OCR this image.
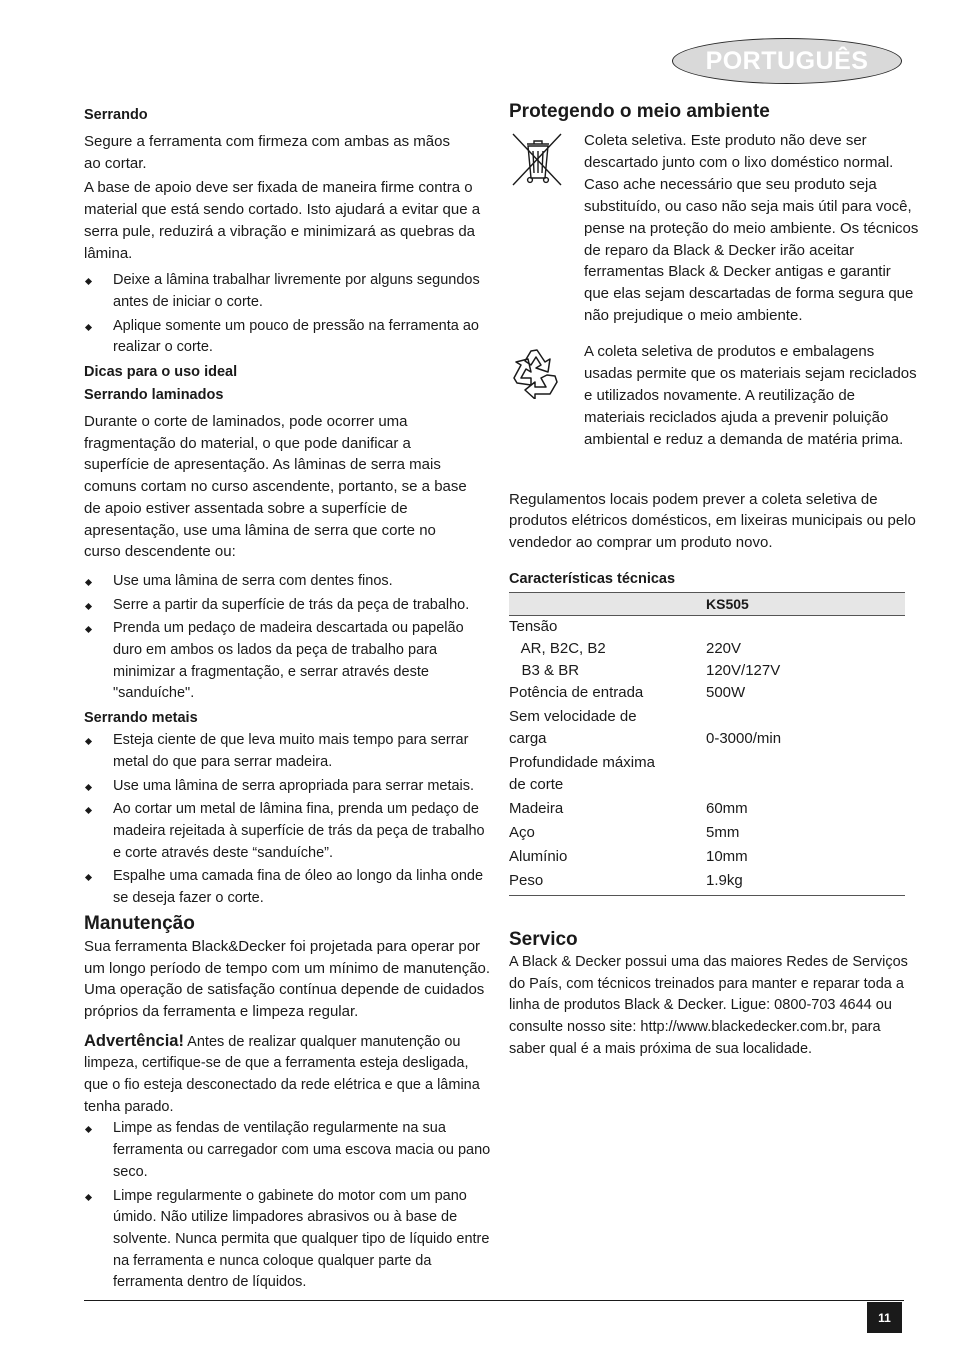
PORTUGUÊS

Serrando

Segure a ferramenta com firmeza com ambas as mãos ao cortar.

A base de apoio deve ser fixada de maneira firme contra o material que está sendo cortado. Isto ajudará a evitar que a serra pule, reduzirá a vibração e minimizará as quebras da lâmina.

Deixe a lâmina trabalhar livremente por alguns segundos antes de iniciar o corte.
Aplique somente um pouco de pressão na ferramenta ao realizar o corte.

Dicas para o uso ideal

Serrando laminados

Durante o corte de laminados, pode ocorrer uma fragmentação do material, o que pode danificar a superfície de apresentação. As lâminas de serra mais comuns cortam no curso ascendente, portanto, se a base de apoio estiver assentada sobre a superfície de apresentação, use uma lâmina de serra que corte no curso descendente ou:

Use uma lâmina de serra com dentes finos.
Serre a partir da superfície de trás da peça de trabalho.
Prenda um pedaço de madeira descartada ou papelão duro em ambos os lados da peça de trabalho para minimizar a fragmentação, e serrar através deste "sanduíche".

Serrando metais

Esteja ciente de que leva muito mais tempo para serrar metal do que para serrar madeira.
Use uma lâmina de serra apropriada para serrar metais.
Ao cortar um metal de lâmina fina, prenda um pedaço de madeira rejeitada à superfície de trás da peça de trabalho e corte através deste “sanduíche”.
Espalhe uma camada fina de óleo ao longo da linha onde se deseja fazer o corte.

Manutenção

Sua ferramenta Black&Decker foi projetada para operar por um longo período de tempo com um mínimo de manutenção. Uma operação de satisfação contínua depende de cuidados próprios da ferramenta e limpeza regular.

Advertência! Antes de realizar qualquer manutenção ou limpeza, certifique-se de que a ferramenta esteja desligada, que o fio esteja desconectado da rede elétrica e que a lâmina tenha parado.

Limpe as fendas de ventilação regularmente na sua ferramenta ou carregador com uma escova macia ou pano seco.
Limpe regularmente o gabinete do motor com um pano úmido. Não utilize limpadores abrasivos ou à base de solvente. Nunca permita que qualquer tipo de líquido entre na ferramenta e nunca coloque qualquer parte da ferramenta dentro de líquidos.

Protegendo o meio ambiente

Coleta seletiva. Este produto não deve ser descartado junto com o lixo doméstico normal. Caso ache necessário que seu produto seja substituído, ou caso não seja mais útil para você, pense na proteção do meio ambiente. Os técnicos de reparo da Black & Decker irão aceitar ferramentas Black & Decker antigas e garantir que elas sejam descartadas de forma segura que não prejudique o meio ambiente.
A coleta seletiva de produtos e embalagens usadas permite que os materiais sejam reciclados e utilizados novamente. A reutilização de materiais reciclados ajuda a prevenir poluição ambiental e reduz a demanda de matéria prima.

Regulamentos locais podem prever a coleta seletiva de produtos elétricos domésticos, em lixeiras municipais ou pelo vendedor ao comprar um produto novo.

Características técnicas

	KS505
Tensão	
AR, B2C, B2	220V
B3 & BR	120V/127V
Potência de entrada	500W
Sem velocidade de	
carga	0-3000/min
Profundidade máxima	
de corte	
Madeira	60mm
Aço	5mm
Alumínio	10mm
Peso	1.9kg

Servico

A Black & Decker possui uma das maiores Redes de Serviços do País, com técnicos treinados para manter e reparar toda a linha de produtos Black & Decker. Ligue: 0800-703 4644 ou consulte nosso site: http://www.blackedecker.com.br, para saber qual é a mais próxima de sua localidade.

11
